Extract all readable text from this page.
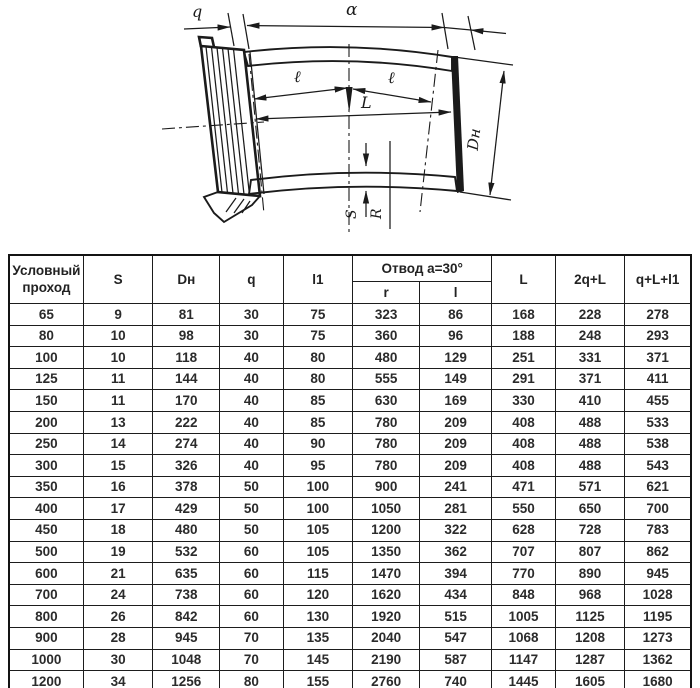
q	α
ℓ	ℓ
L
Dн
S R
Условный
проход	S	Dн	q	l1	Отвод a=30°		L	2q+L	q+L+l1
					r	l			
65	9	81	30	75	323	86	168	228	278
80	10	98	30	75	360	96	188	248	293
100	10	118	40	80	480	129	251	331	371
125	11	144	40	80	555	149	291	371	411
150	11	170	40	85	630	169	330	410	455
200	13	222	40	85	780	209	408	488	533
250	14	274	40	90	780	209	408	488	538
300	15	326	40	95	780	209	408	488	543
350	16	378	50	100	900	241	471	571	621
400	17	429	50	100	1050	281	550	650	700
450	18	480	50	105	1200	322	628	728	783
500	19	532	60	105	1350	362	707	807	862
600	21	635	60	115	1470	394	770	890	945
700	24	738	60	120	1620	434	848	968	1028
800	26	842	60	130	1920	515	1005	1125	1195
900	28	945	70	135	2040	547	1068	1208	1273
1000	30	1048	70	145	2190	587	1147	1287	1362
1200	34	1256	80	155	2760	740	1445	1605	1680
